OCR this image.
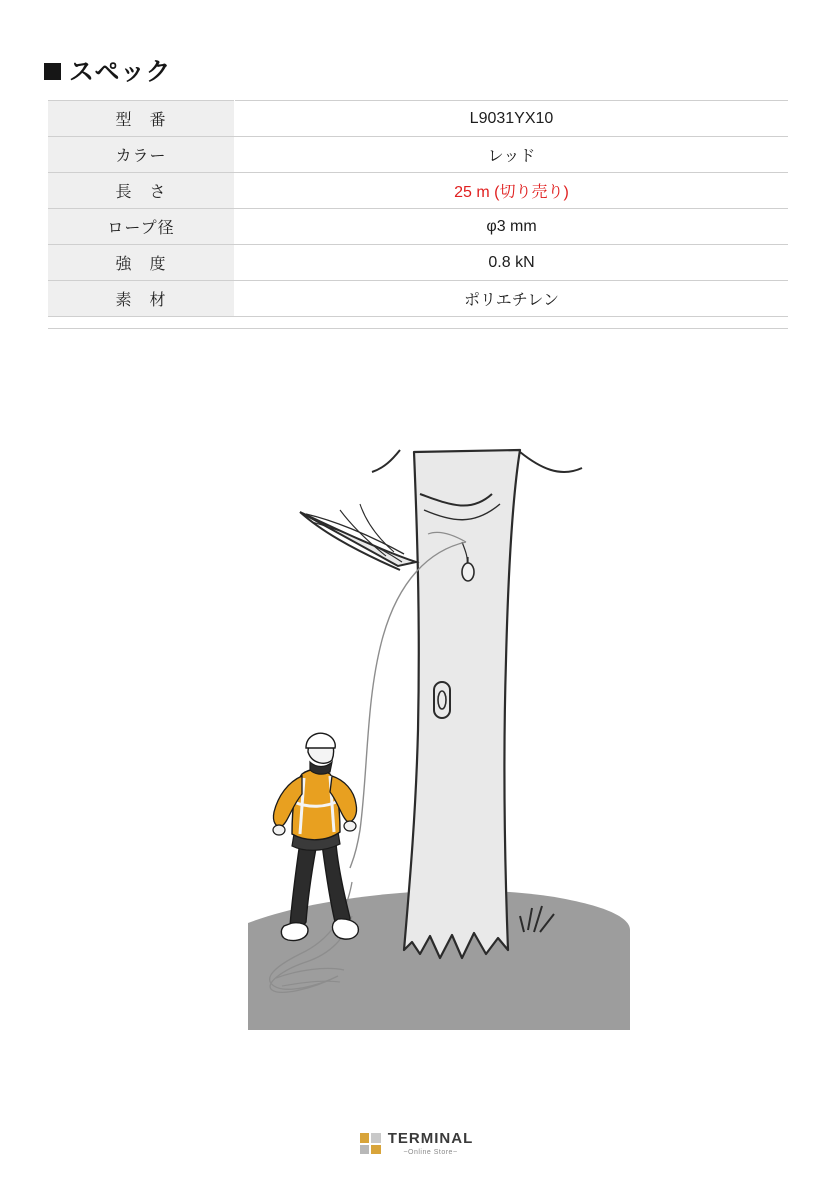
スペック
型　番	L9031YX10
カラー	レッド
長　さ	25 m (切り売り)
ロープ径	φ3 mm
強　度	0.8 kN
素　材	ポリエチレン
TERMINAL
~Online Store~
